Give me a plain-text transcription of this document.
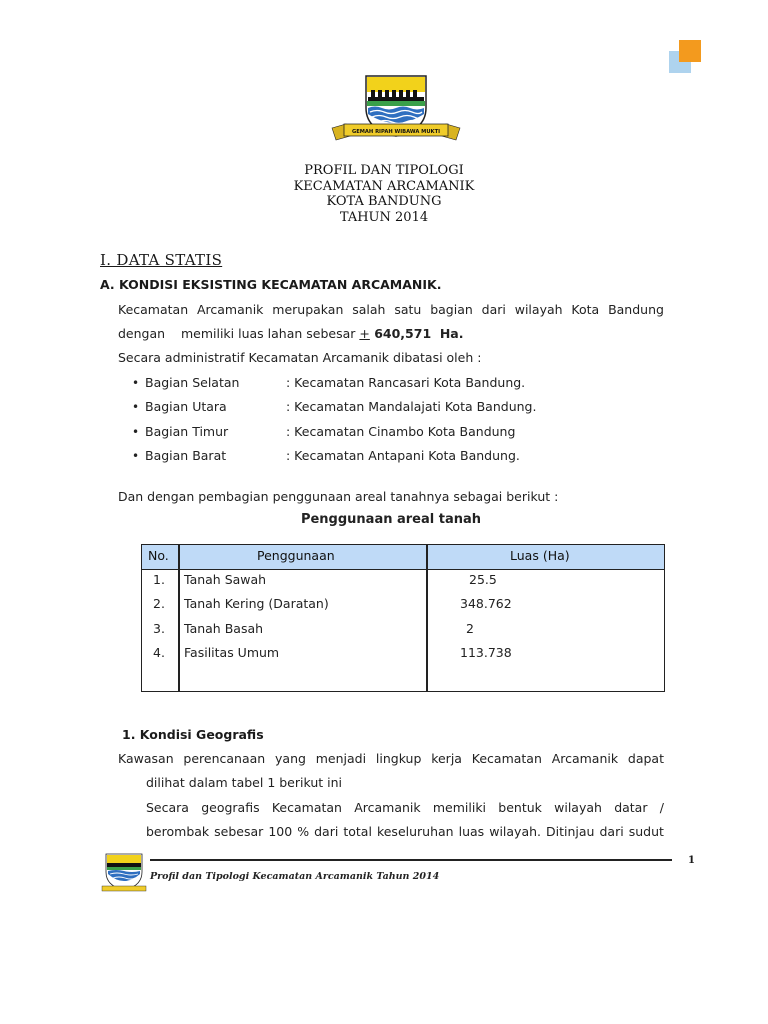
GEMAH RIPAH WIBAWA MUKTI
PROFIL DAN TIPOLOGI
KECAMATAN ARCAMANIK
KOTA BANDUNG
TAHUN 2014
I. DATA STATIS
A. KONDISI EKSISTING KECAMATAN ARCAMANIK.
Kecamatan Arcamanik merupakan salah satu bagian dari wilayah Kota Bandung
dengan    memiliki luas lahan sebesar + 640,571  Ha.
Secara administratif Kecamatan Arcamanik dibatasi oleh :
• Bagian Selatan	: Kecamatan Rancasari Kota Bandung.
• Bagian Utara	: Kecamatan Mandalajati Kota Bandung.
• Bagian Timur	: Kecamatan Cinambo Kota Bandung
• Bagian Barat	: Kecamatan Antapani Kota Bandung.
Dan dengan pembagian penggunaan areal tanahnya sebagai berikut :
Penggunaan areal tanah
No.	Penggunaan	Luas (Ha)
1. Tanah Sawah	25.5
2. Tanah Kering (Daratan)	348.762
3. Tanah Basah	2
4. Fasilitas Umum	113.738
1. Kondisi Geografis
Kawasan perencanaan yang menjadi lingkup kerja Kecamatan Arcamanik dapat
dilihat dalam tabel 1 berikut ini
Secara geografis Kecamatan Arcamanik memiliki bentuk wilayah datar /
berombak sebesar 100 % dari total keseluruhan luas wilayah. Ditinjau dari sudut
Profil dan Tipologi Kecamatan Arcamanik Tahun 2014
1
